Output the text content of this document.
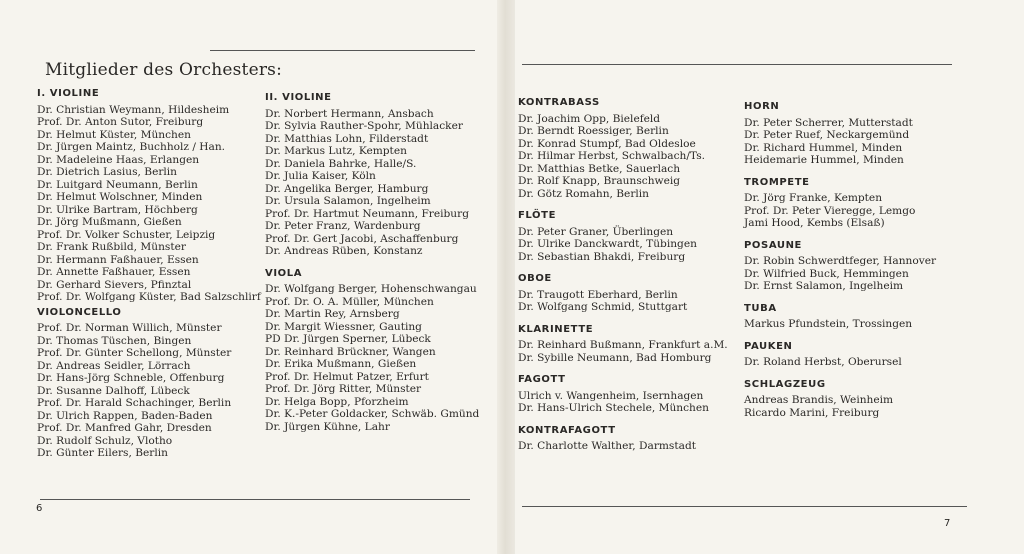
Mitglieder des Orchesters:
I. VIOLINE
Dr. Christian Weymann, Hildesheim
Prof. Dr. Anton Sutor, Freiburg
Dr. Helmut Küster, München
Dr. Jürgen Maintz, Buchholz / Han.
Dr. Madeleine Haas, Erlangen
Dr. Dietrich Lasius, Berlin
Dr. Luitgard Neumann, Berlin
Dr. Helmut Wolschner, Minden
Dr. Ulrike Bartram, Höchberg
Dr. Jörg Mußmann, Gießen
Prof. Dr. Volker Schuster, Leipzig
Dr. Frank Rußbild, Münster
Dr. Hermann Faßhauer, Essen
Dr. Annette Faßhauer, Essen
Dr. Gerhard Sievers, Pfinztal
Prof. Dr. Wolfgang Küster, Bad Salzschlirf
VIOLONCELLO
Prof. Dr. Norman Willich, Münster
Dr. Thomas Tüschen, Bingen
Prof. Dr. Günter Schellong, Münster
Dr. Andreas Seidler, Lörrach
Dr. Hans-Jörg Schneble, Offenburg
Dr. Susanne Dalhoff, Lübeck
Prof. Dr. Harald Schachinger, Berlin
Dr. Ulrich Rappen, Baden-Baden
Prof. Dr. Manfred Gahr, Dresden
Dr. Rudolf Schulz, Vlotho
Dr. Günter Eilers, Berlin
II. VIOLINE
Dr. Norbert Hermann, Ansbach
Dr. Sylvia Rauther-Spohr, Mühlacker
Dr. Matthias Lohn, Filderstadt
Dr. Markus Lutz, Kempten
Dr. Daniela Bahrke, Halle/S.
Dr. Julia Kaiser, Köln
Dr. Angelika Berger, Hamburg
Dr. Ursula Salamon, Ingelheim
Prof. Dr. Hartmut Neumann, Freiburg
Dr. Peter Franz, Wardenburg
Prof. Dr. Gert Jacobi, Aschaffenburg
Dr. Andreas Rüben, Konstanz
VIOLA
Dr. Wolfgang Berger, Hohenschwangau
Prof. Dr. O. A. Müller, München
Dr. Martin Rey, Arnsberg
Dr. Margit Wiessner, Gauting
PD Dr. Jürgen Sperner, Lübeck
Dr. Reinhard Brückner, Wangen
Dr. Erika Mußmann, Gießen
Prof. Dr. Helmut Patzer, Erfurt
Prof. Dr. Jörg Ritter, Münster
Dr. Helga Bopp, Pforzheim
Dr. K.-Peter Goldacker, Schwäb. Gmünd
Dr. Jürgen Kühne, Lahr
KONTRABASS
Dr. Joachim Opp, Bielefeld
Dr. Berndt Roessiger, Berlin
Dr. Konrad Stumpf, Bad Oldesloe
Dr. Hilmar Herbst, Schwalbach/Ts.
Dr. Matthias Betke, Sauerlach
Dr. Rolf Knapp, Braunschweig
Dr. Götz Romahn, Berlin
FLÖTE
Dr. Peter Graner, Überlingen
Dr. Ulrike Danckwardt, Tübingen
Dr. Sebastian Bhakdi, Freiburg
OBOE
Dr. Traugott Eberhard, Berlin
Dr. Wolfgang Schmid, Stuttgart
KLARINETTE
Dr. Reinhard Bußmann, Frankfurt a.M.
Dr. Sybille Neumann, Bad Homburg
FAGOTT
Ulrich v. Wangenheim, Isernhagen
Dr. Hans-Ulrich Stechele, München
KONTRAFAGOTT
Dr. Charlotte Walther, Darmstadt
HORN
Dr. Peter Scherrer, Mutterstadt
Dr. Peter Ruef, Neckargemünd
Dr. Richard Hummel, Minden
Heidemarie Hummel, Minden
TROMPETE
Dr. Jörg Franke, Kempten
Prof. Dr. Peter Vieregge, Lemgo
Jami Hood, Kembs (Elsaß)
POSAUNE
Dr. Robin Schwerdtfeger, Hannover
Dr. Wilfried Buck, Hemmingen
Dr. Ernst Salamon, Ingelheim
TUBA
Markus Pfundstein, Trossingen
PAUKEN
Dr. Roland Herbst, Oberursel
SCHLAGZEUG
Andreas Brandis, Weinheim
Ricardo Marini, Freiburg
6
7
